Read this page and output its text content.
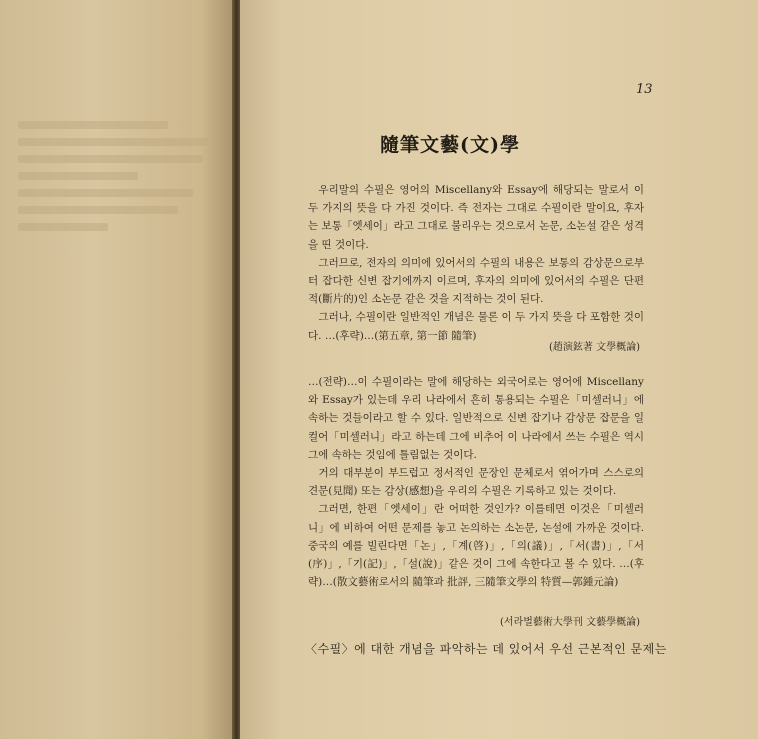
13
隨筆文藝(文)學

우리말의 수필은 영어의 Miscellany와 Essay에 해당되는 말로서 이 두 가지의 뜻을 다 가진 것이다. 즉 전자는 그대로 수필이란 말이요, 후자는 보통「엣세이」라고 그대로 불리우는 것으로서 논문, 소논설 같은 성격을 띤 것이다.

그러므로, 전자의 의미에 있어서의 수필의 내용은 보통의 감상문으로부터 잡다한 신변 잡기에까지 이르며, 후자의 의미에 있어서의 수필은 단편적(斷片的)인 소논문 같은 것을 지적하는 것이 된다.

그러나, 수필이란 일반적인 개념은 물론 이 두 가지 뜻을 다 포함한 것이다. …(후략)…(第五章, 第一節 隨筆)

(趙演鉉著 文學概論)

…(전략)…이 수필이라는 말에 해당하는 외국어로는 영어에 Miscellany와 Essay가 있는데 우리 나라에서 흔히 통용되는 수필은「미셀러니」에 속하는 것들이라고 할 수 있다. 일반적으로 신변 잡기나 감상문 잡문을 일컬어「미셀러니」라고 하는데 그에 비추어 이 나라에서 쓰는 수필은 역시 그에 속하는 것임에 틀림없는 것이다.

거의 대부분이 부드럽고 정서적인 문장인 문체로서 엮어가며 스스로의 견문(見聞) 또는 감상(感想)을 우리의 수필은 기록하고 있는 것이다.

그러면, 한편「엣세이」란 어떠한 것인가? 이를테면 이것은「미셀러니」에 비하여 어떤 문제를 놓고 논의하는 소논문, 논설에 가까운 것이다. 중국의 예를 빌린다면「논」,「계(啓)」,「의(議)」,「서(書)」,「서(序)」,「기(記)」,「설(說)」같은 것이 그에 속한다고 볼 수 있다. …(후략)…(散文藝術로서의 隨筆과 批評, 三隨筆文學의 特質—郭鍾元論)

(서라벌藝術大學刊 文藝學概論)
〈수필〉에 대한 개념을 파악하는 데 있어서 우선 근본적인 문제는
